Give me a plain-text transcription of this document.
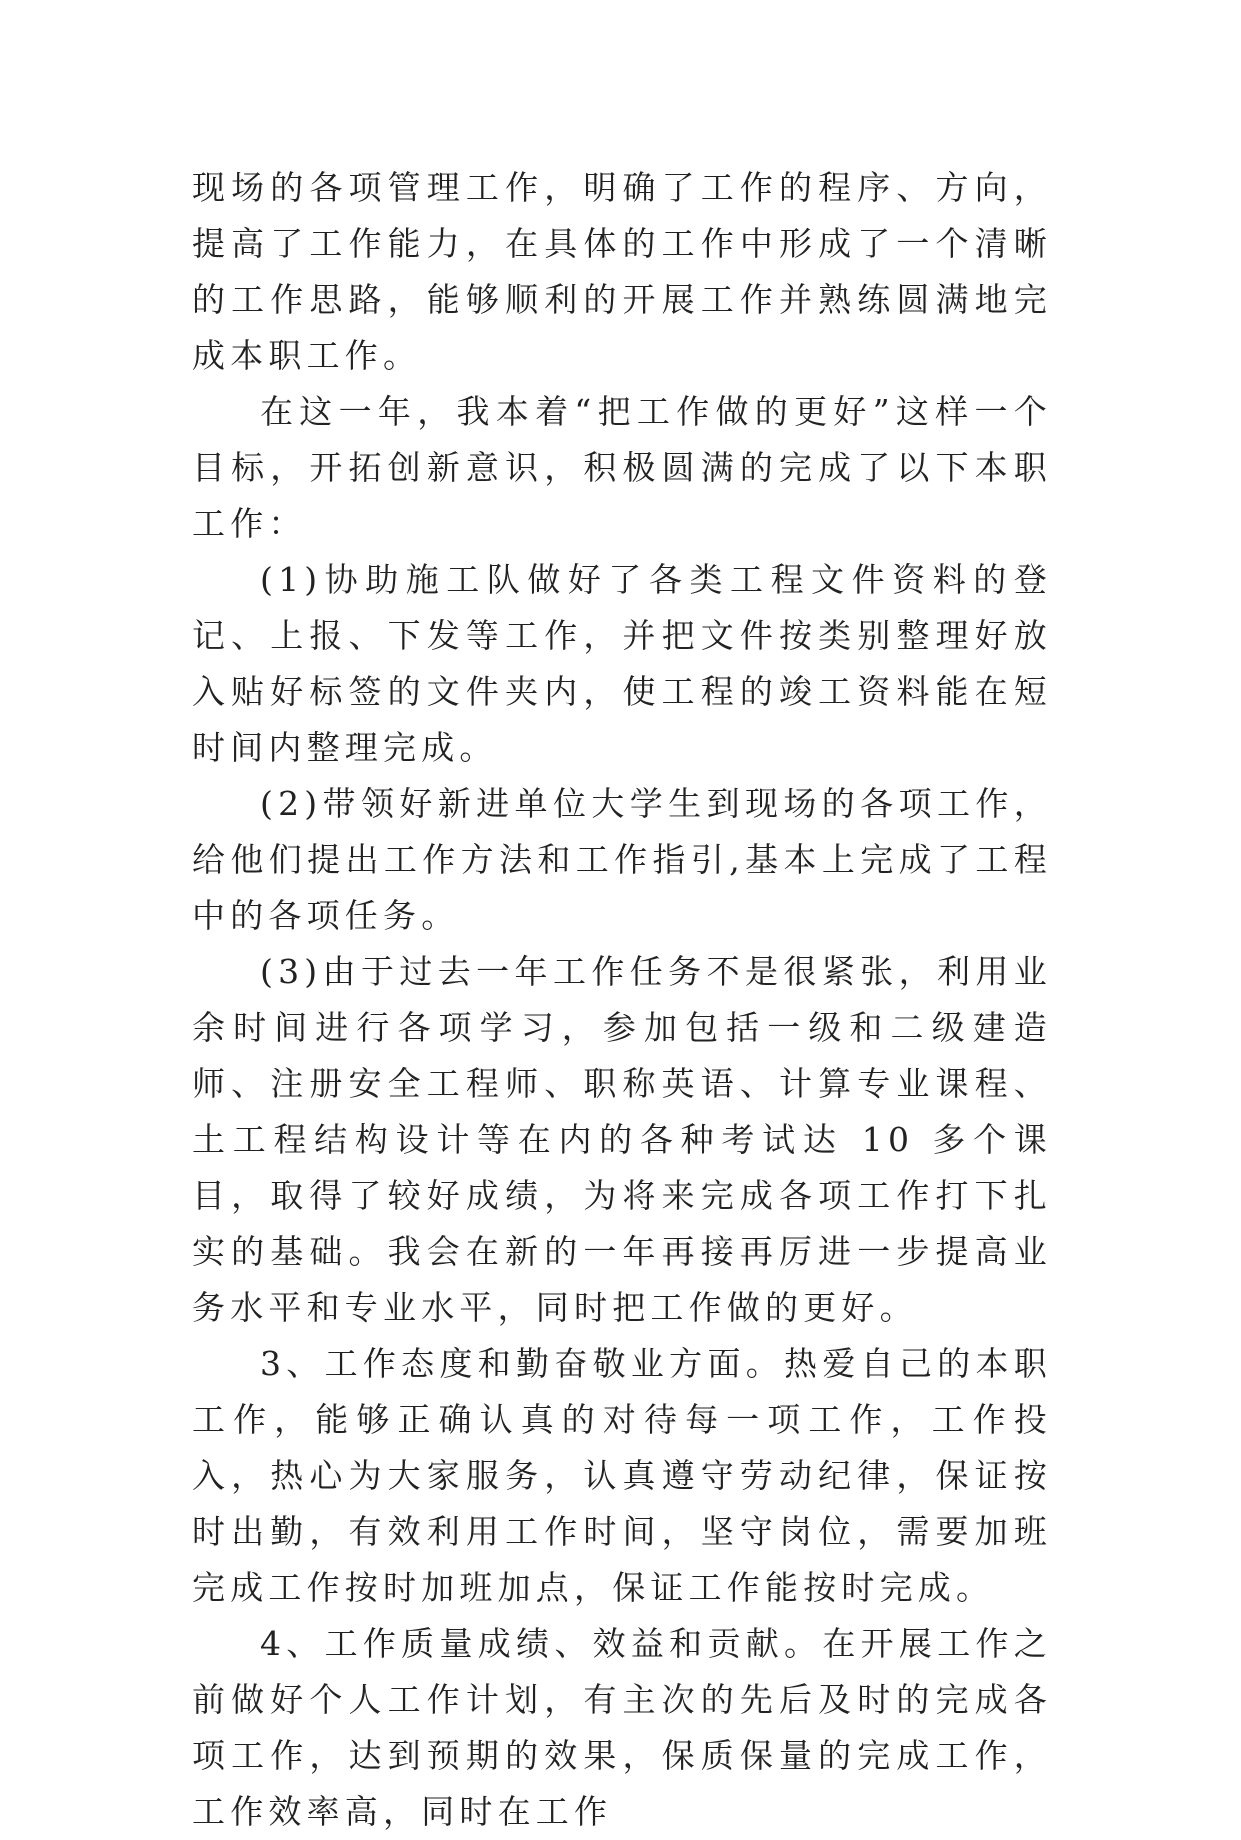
现场的各项管理工作，明确了工作的程序、方向，提高了工作能力，在具体的工作中形成了一个清晰的工作思路，能够顺利的开展工作并熟练圆满地完成本职工作。

在这一年，我本着“把工作做的更好”这样一个目标，开拓创新意识，积极圆满的完成了以下本职工作：

(1)协助施工队做好了各类工程文件资料的登记、上报、下发等工作，并把文件按类别整理好放入贴好标签的文件夹内，使工程的竣工资料能在短时间内整理完成。

(2)带领好新进单位大学生到现场的各项工作，给他们提出工作方法和工作指引,基本上完成了工程中的各项任务。

(3)由于过去一年工作任务不是很紧张，利用业余时间进行各项学习，参加包括一级和二级建造师、注册安全工程师、职称英语、计算专业课程、土工程结构设计等在内的各种考试达 10 多个课目，取得了较好成绩，为将来完成各项工作打下扎实的基础。我会在新的一年再接再厉进一步提高业务水平和专业水平，同时把工作做的更好。

3、工作态度和勤奋敬业方面。热爱自己的本职工作，能够正确认真的对待每一项工作，工作投入，热心为大家服务，认真遵守劳动纪律，保证按时出勤，有效利用工作时间，坚守岗位，需要加班完成工作按时加班加点，保证工作能按时完成。

4、工作质量成绩、效益和贡献。在开展工作之前做好个人工作计划，有主次的先后及时的完成各项工作，达到预期的效果，保质保量的完成工作，工作效率高，同时在工作
